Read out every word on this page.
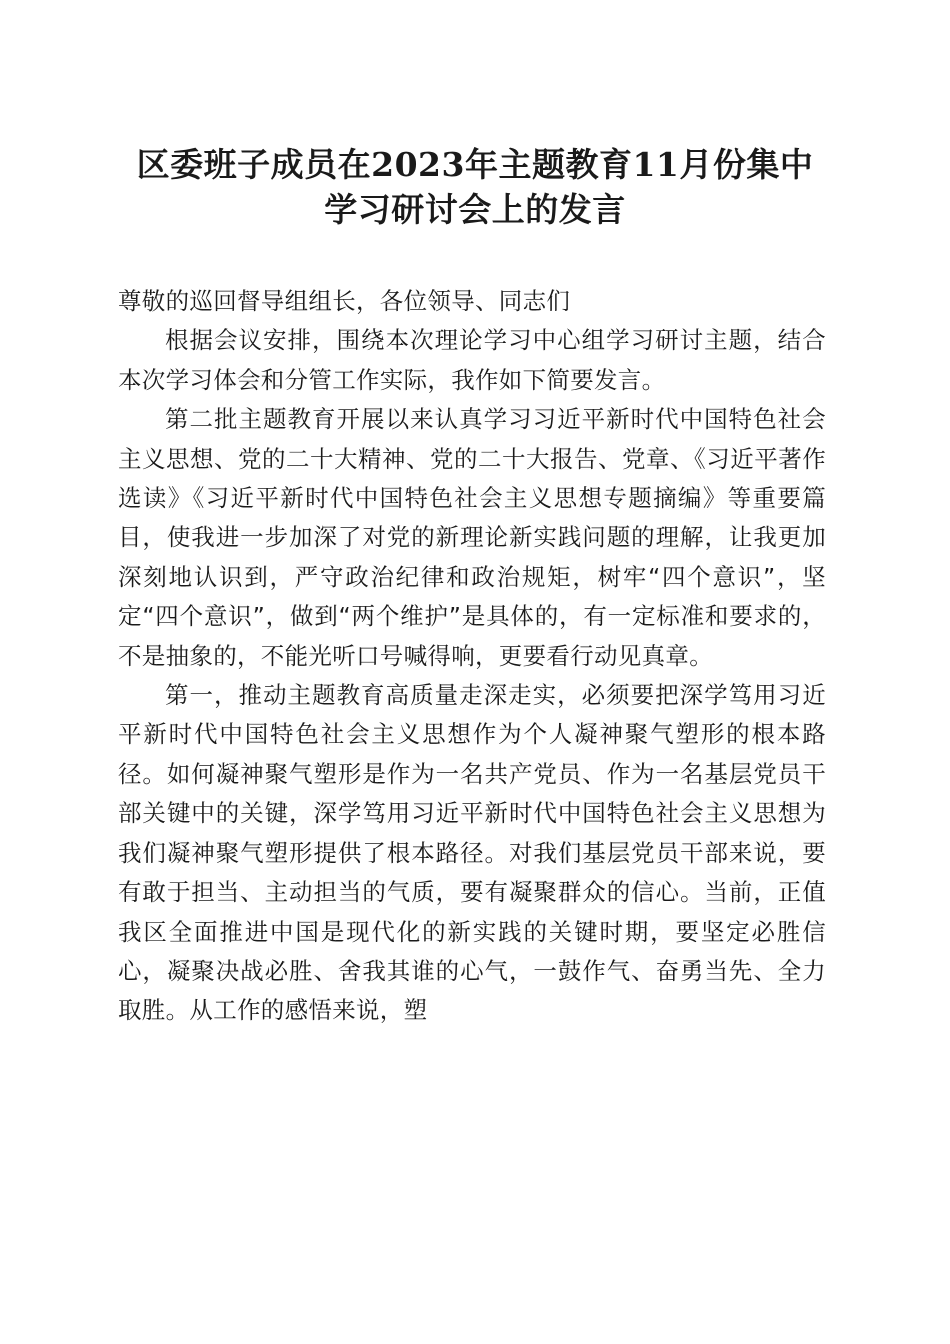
区委班子成员在2023年主题教育11月份集中
学习研讨会上的发言

尊敬的巡回督导组组长，各位领导、同志们

根据会议安排，围绕本次理论学习中心组学习研讨主题，结合本次学习体会和分管工作实际，我作如下简要发言。

第二批主题教育开展以来认真学习习近平新时代中国特色社会主义思想、党的二十大精神、党的二十大报告、党章、《习近平著作选读》《习近平新时代中国特色社会主义思想专题摘编》等重要篇目，使我进一步加深了对党的新理论新实践问题的理解，让我更加深刻地认识到，严守政治纪律和政治规矩，树牢“四个意识”，坚定“四个意识”，做到“两个维护”是具体的，有一定标准和要求的，不是抽象的，不能光听口号喊得响，更要看行动见真章。

第一，推动主题教育高质量走深走实，必须要把深学笃用习近平新时代中国特色社会主义思想作为个人凝神聚气塑形的根本路径。如何凝神聚气塑形是作为一名共产党员、作为一名基层党员干部关键中的关键，深学笃用习近平新时代中国特色社会主义思想为我们凝神聚气塑形提供了根本路径。对我们基层党员干部来说，要有敢于担当、主动担当的气质，要有凝聚群众的信心。当前，正值我区全面推进中国是现代化的新实践的关键时期，要坚定必胜信心，凝聚决战必胜、舍我其谁的心气，一鼓作气、奋勇当先、全力取胜。从工作的感悟来说，塑
